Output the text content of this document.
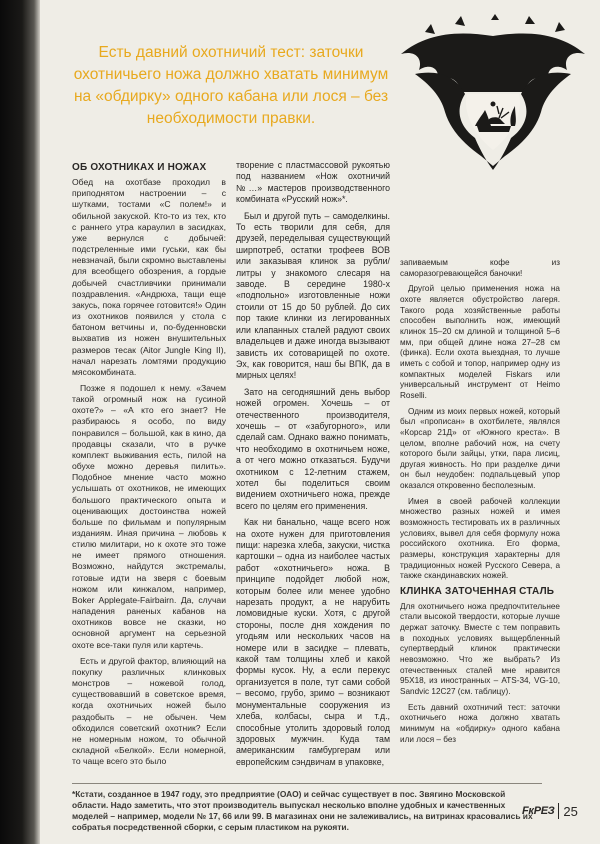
Есть давний охотничий тест: заточки охотничьего ножа должно хватать минимум на «обдирку» одного кабана или лося – без необходимости правки.
ОБ ОХОТНИКАХ И НОЖАХ

Обед на охотбазе проходил в приподнятом настроении – с шутками, тостами «С полем!» и обильной закуской. Кто-то из тех, кто с раннего утра караулил в засидках, уже вернулся с добычей: подстреленные ими гуськи, как бы невзначай, были скромно выставлены для всеобщего обозрения, а гордые добычей счастливчики принимали поздравления. «Андрюха, тащи еще закусь, пока горячее готовится!» Один из охотников появился у стола с батоном ветчины и, по-буденновски выхватив из ножен внушительных размеров тесак (Aitor Jungle King II), начал нарезать ломтями продукцию мясокомбината.

Позже я подошел к нему. «Зачем такой огромный нож на гусиной охоте?» – «А кто его знает? Не разбираюсь я особо, по виду понравился – большой, как в кино, да продавцы сказали, что в ручке комплект выживания есть, пилой на обухе можно деревья пилить». Подобное мнение часто можно услышать от охотников, не имеющих большого практического опыта и оценивающих достоинства ножей больше по фильмам и популярным изданиям. Иная причина – любовь к стилю милитари, но к охоте это тоже не имеет прямого отношения. Возможно, найдутся экстремалы, готовые идти на зверя с боевым ножом или кинжалом, например, Boker Applegate-Fairbairn. Да, случаи нападения раненых кабанов на охотников вовсе не сказки, но основной аргумент на серьезной охоте все-таки пуля или картечь.

Есть и другой фактор, влияющий на покупку различных клинковых монстров – ножевой голод, существовавший в советское время, когда охотничьих ножей было раздобыть – не обычен. Чем обходился советский охотник? Если не номерным ножом, то обычной складной «Белкой». Если номерной, то чаще всего это было

творение с пластмассовой рукоятью под названием «Нож охотничий №…» мастеров производственного комбината «Русский нож»*.

Был и другой путь – самоделкины. То есть творили для себя, для друзей, переделывая существующий ширпотреб, остатки трофеев ВОВ или заказывая клинок за рубли/литры у знакомого слесаря на заводе. В середине 1980-х «подпольно» изготовленные ножи стоили от 15 до 50 рублей. До сих пор такие клинки из легированных или клапанных сталей радуют своих владельцев и даже иногда вызывают зависть их сотоварищей по охоте. Эх, как говорится, наш бы ВПК, да в мирных целях!

Зато на сегодняшний день выбор ножей огромен. Хочешь – от отечественного производителя, хочешь – от «забугорного», или сделай сам. Однако важно понимать, что необходимо в охотничьем ноже, а от чего можно отказаться. Будучи охотником с 12-летним стажем, хотел бы поделиться своим видением охотничьего ножа, прежде всего по целям его применения.

Как ни банально, чаще всего нож на охоте нужен для приготовления пищи: нарезка хлеба, закуски, чистка картошки – одна из наиболее частых работ «охотничьего» ножа. В принципе подойдет любой нож, которым более или менее удобно нарезать продукт, а не нарубить ломовидные куски. Хотя, с другой стороны, после дня хождения по угодьям или нескольких часов на номере или в засидке – плевать, какой там толщины хлеб и какой формы кусок. Ну, а если перекус организуется в поле, тут сами собой – весомо, грубо, зримо – возникают монументальные сооружения из хлеба, колбасы, сыра и т.д., способные утолить здоровый голод здоровых мужчин. Куда там американским гамбургерам или европейским сэндвичам в упаковке,

запиваемым кофе из саморазогревающейся баночки!

Другой целью применения ножа на охоте является обустройство лагеря. Такого рода хозяйственные работы способен выполнить нож, имеющий клинок 15–20 см длиной и толщиной 5–6 мм, при общей длине ножа 27–28 см (финка). Если охота выездная, то лучше иметь с собой и топор, например одну из компактных моделей Fiskars или универсальный инструмент от Heimo Roselli.

Одним из моих первых ножей, который был «прописан» в охотбилете, являлся «Корсар 21Д» от «Южного креста». В целом, вполне рабочий нож, на счету которого были зайцы, утки, пара лисиц, другая живность. Но при разделке дичи он был неудобен: подпальцевый упор оказался откровенно бесполезным.

Имея в своей рабочей коллекции множество разных ножей и имея возможность тестировать их в различных условиях, вывел для себя формулу ножа российского охотника. Его форма, размеры, конструкция характерны для традиционных ножей Русского Севера, а также скандинавских ножей.

КЛИНКА ЗАТОЧЕННАЯ СТАЛЬ

Для охотничьего ножа предпочтительнее стали высокой твердости, которые лучше держат заточку. Вместе с тем поправить в походных условиях выщербленный супертвердый клинок практически невозможно. Что же выбрать? Из отечественных сталей мне нравится 95Х18, из иностранных – ATS-34, VG-10, Sandvic 12C27 (см. таблицу).

Есть давний охотничий тест: заточки охотничьего ножа должно хватать минимум на «обдирку» одного кабана или лося – без

*Кстати, созданное в 1947 году, это предприятие (ОАО) и сейчас существует в пос. Звягино Московской области. Надо заметить, что этот производитель выпускал несколько вполне удобных и качественных моделей – например, модели № 17, 66 или 99. В магазинах они не залеживались, на витринах красовались их собратья посредственной сборки, с серым пластиком на рукояти.
FкРЕЗ 25
